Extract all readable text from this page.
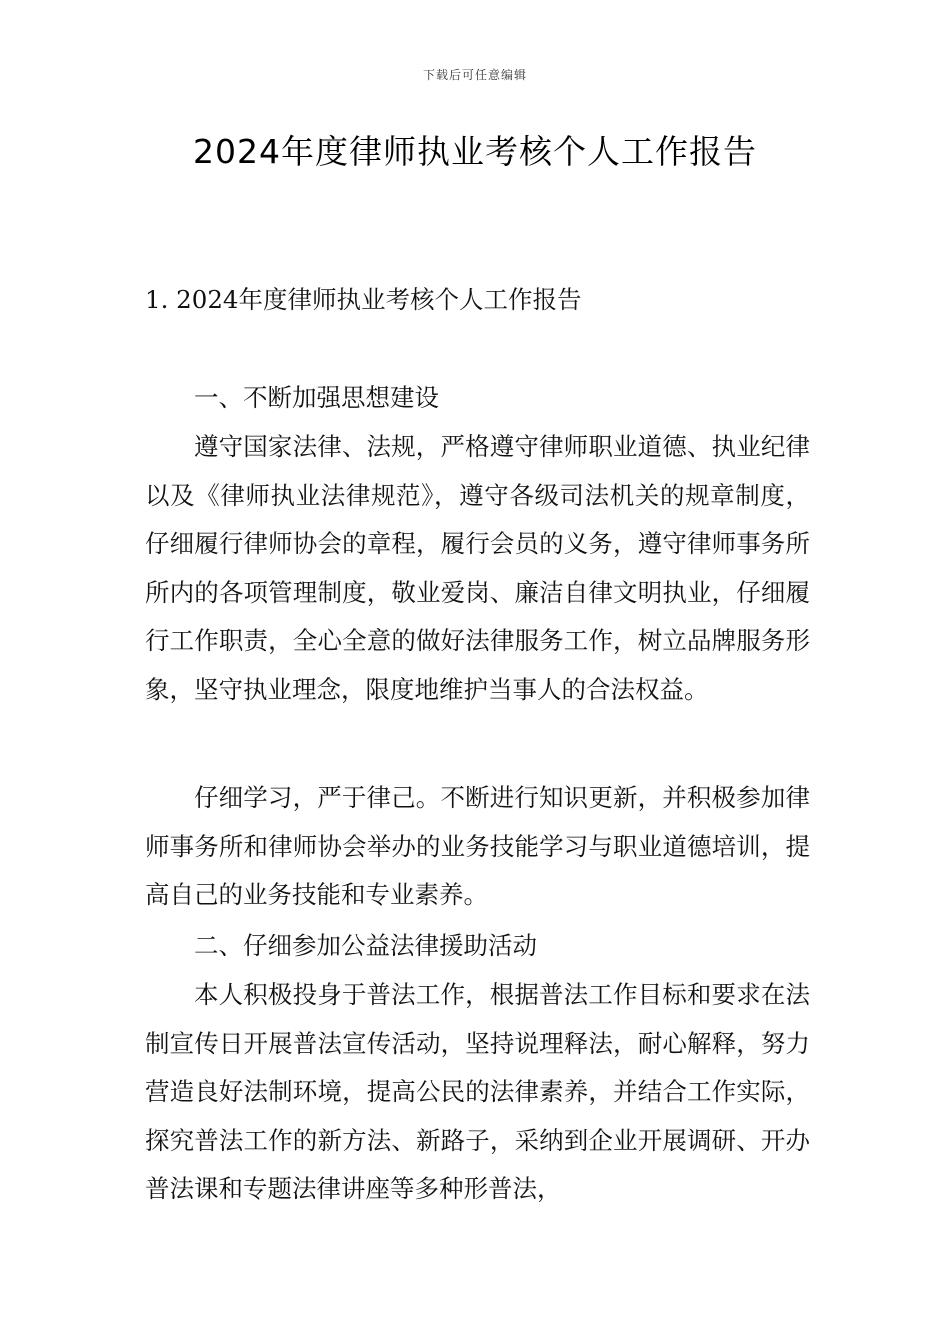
下载后可任意编辑
2024年度律师执业考核个人工作报告
1. 2024年度律师执业考核个人工作报告
一、不断加强思想建设

遵守国家法律、法规，严格遵守律师职业道德、执业纪律以及《律师执业法律规范》，遵守各级司法机关的规章制度，仔细履行律师协会的章程，履行会员的义务，遵守律师事务所所内的各项管理制度，敬业爱岗、廉洁自律文明执业，仔细履行工作职责，全心全意的做好法律服务工作，树立品牌服务形象，坚守执业理念，限度地维护当事人的合法权益。

仔细学习，严于律己。不断进行知识更新，并积极参加律师事务所和律师协会举办的业务技能学习与职业道德培训，提高自己的业务技能和专业素养。

二、仔细参加公益法律援助活动

本人积极投身于普法工作，根据普法工作目标和要求在法制宣传日开展普法宣传活动，坚持说理释法，耐心解释，努力营造良好法制环境，提高公民的法律素养，并结合工作实际，探究普法工作的新方法、新路子，采纳到企业开展调研、开办普法课和专题法律讲座等多种形普法，
